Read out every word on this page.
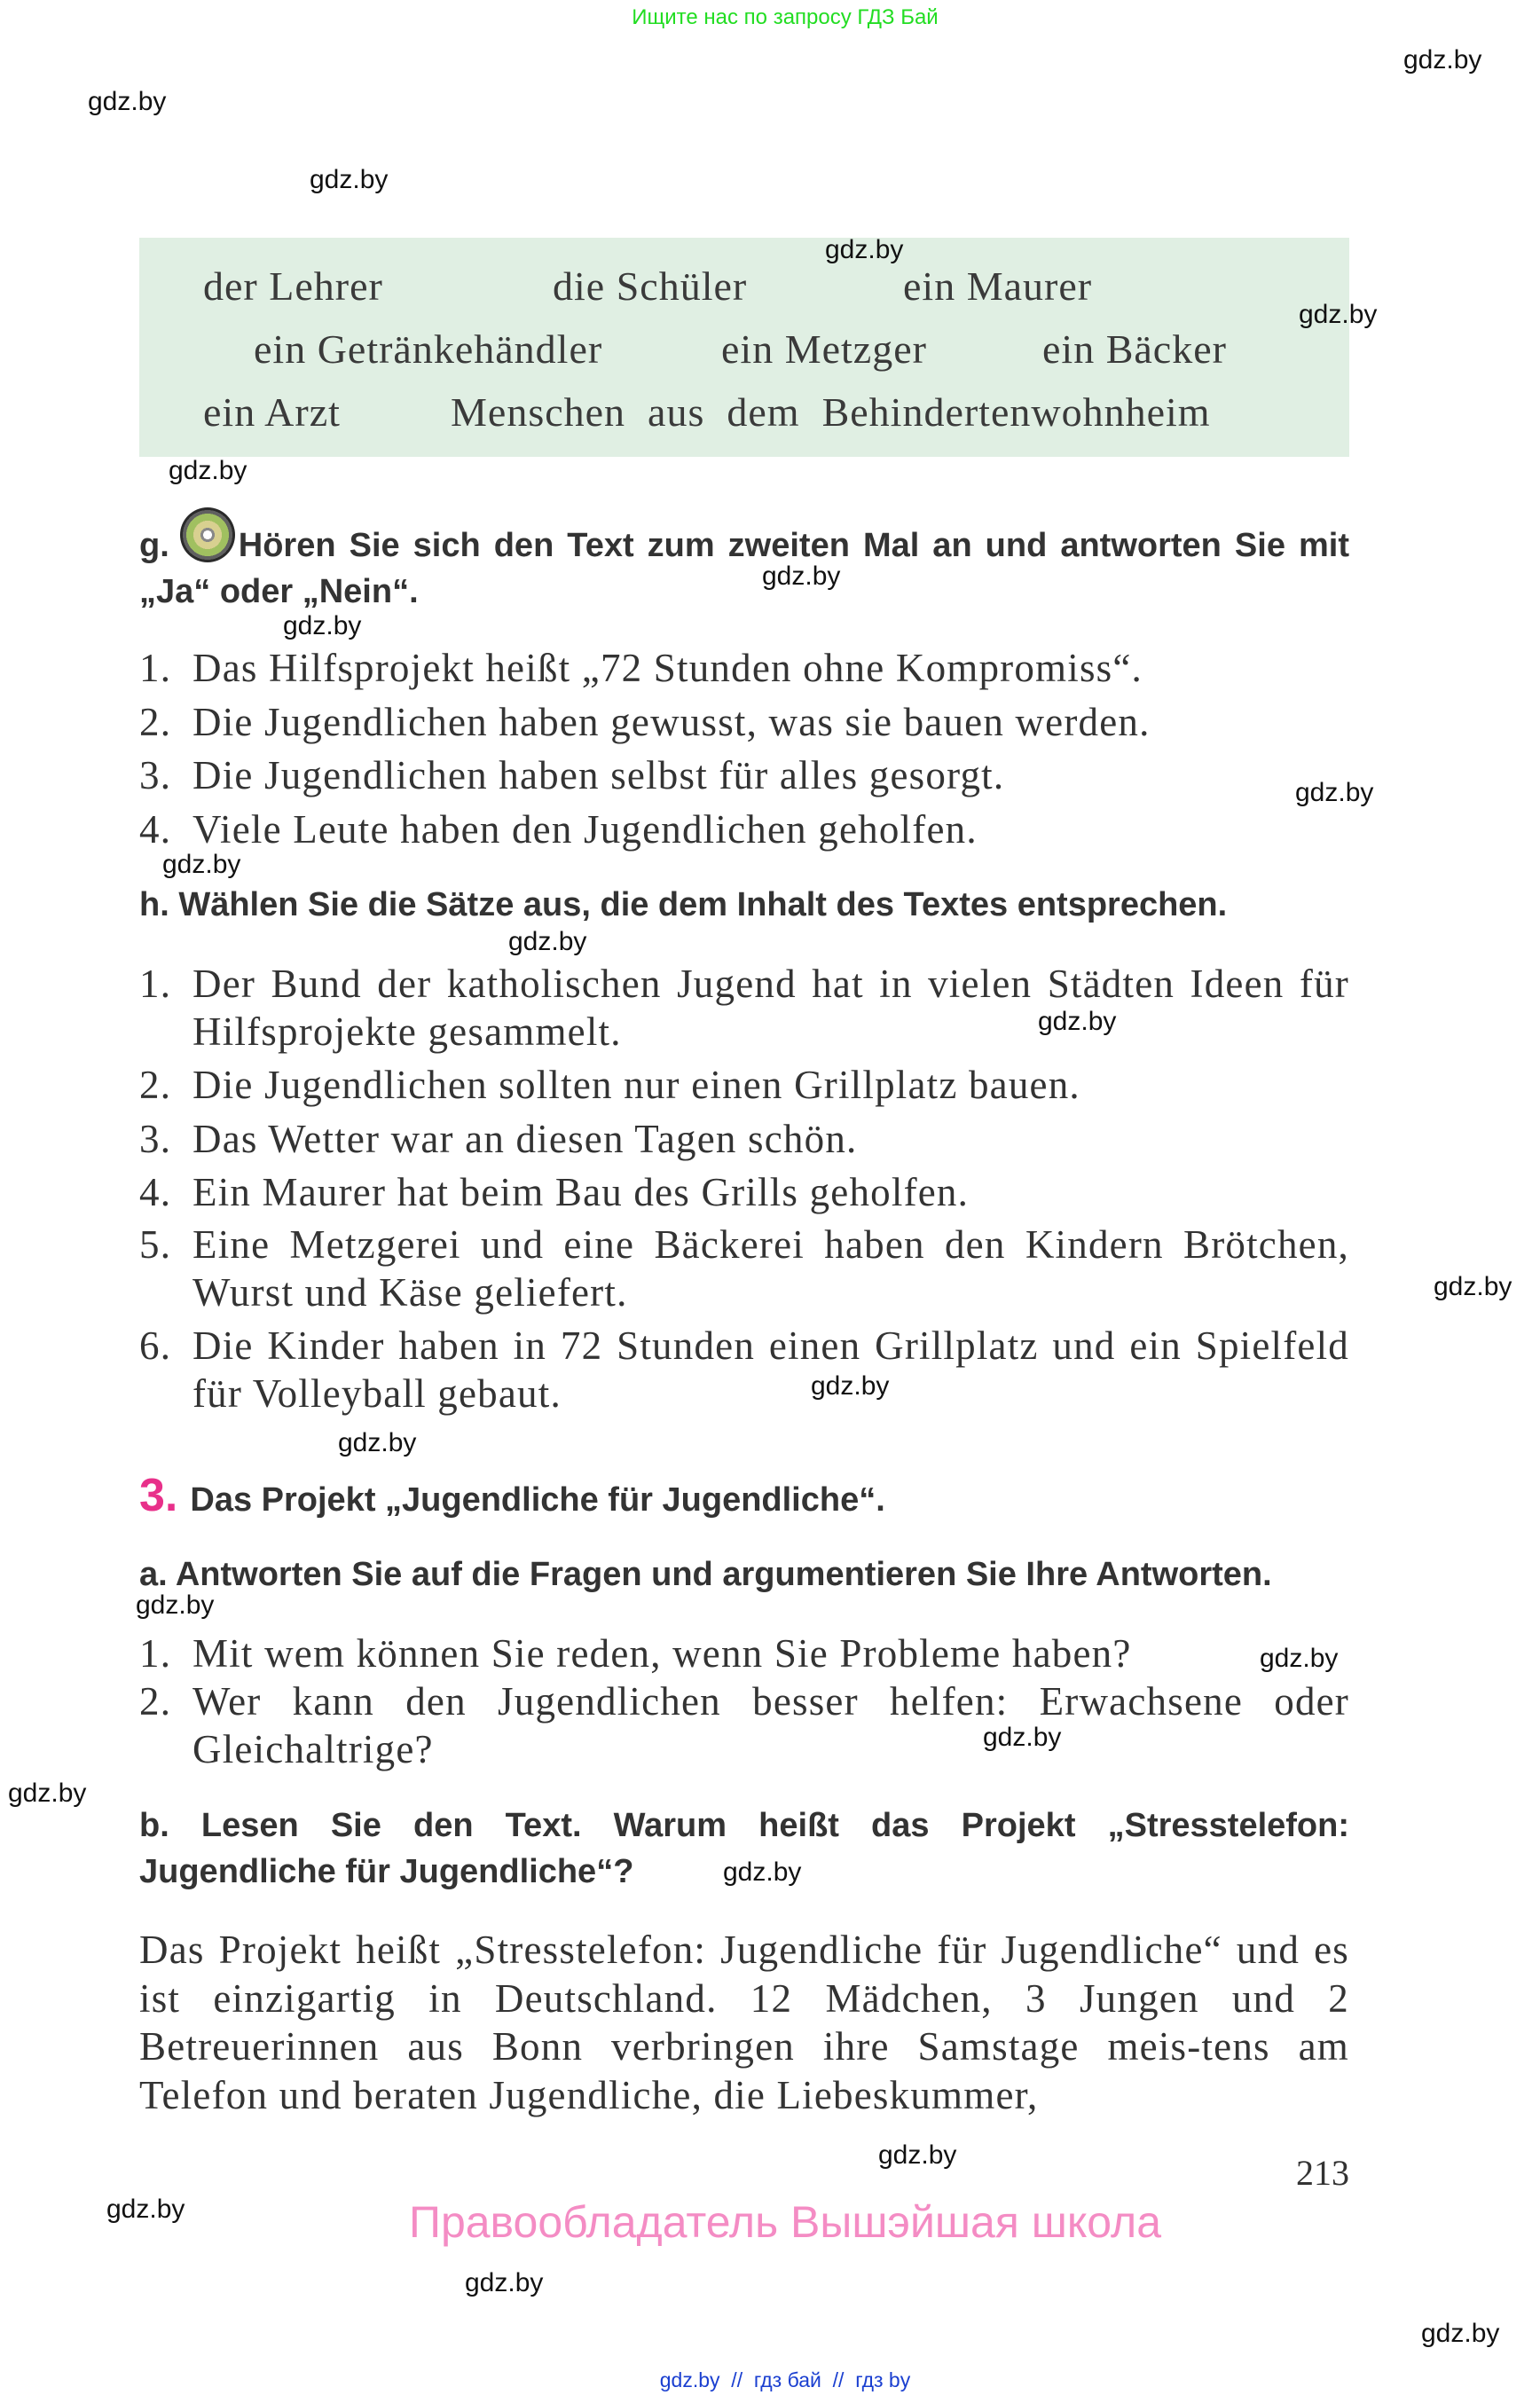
Ищите нас по запросу ГДЗ Бай
gdz.by
gdz.by
gdz.by
der Lehrer	die Schüler	ein Maurer
ein Getränkehändler	ein Metzger	ein Bäcker
ein Arzt	Menschen  aus  dem  Behindertenwohnheim
gdz.by
gdz.by
gdz.by
g. Hören Sie sich den Text zum zweiten Mal an und antworten Sie mit „Ja“ oder „Nein“.	gdz.by
gdz.by
1. Das Hilfsprojekt heißt „72 Stunden ohne Kompromiss“.
2. Die Jugendlichen haben gewusst, was sie bauen werden.
3. Die Jugendlichen haben selbst für alles gesorgt.
4. Viele Leute haben den Jugendlichen geholfen.
gdz.by
gdz.by
h. Wählen Sie die Sätze aus, die dem Inhalt des Textes entsprechen.
gdz.by
1. Der Bund der katholischen Jugend hat in vielen Städten Ideen für Hilfsprojekte gesammelt.
2. Die Jugendlichen sollten nur einen Grillplatz bauen.
3. Das Wetter war an diesen Tagen schön.
4. Ein Maurer hat beim Bau des Grills geholfen.
5. Eine Metzgerei und eine Bäckerei haben den Kindern Brötchen, Wurst und Käse geliefert.
6. Die Kinder haben in 72 Stunden einen Grillplatz und ein Spielfeld für Volleyball gebaut.
gdz.by
gdz.by
gdz.by
gdz.by
3. Das Projekt „Jugendliche für Jugendliche“.
a. Antworten Sie auf die Fragen und argumentieren Sie Ihre Antworten.
gdz.by
1. Mit wem können Sie reden, wenn Sie Probleme haben?
2. Wer kann den Jugendlichen besser helfen: Erwachsene oder Gleichaltrige?
gdz.by
gdz.by
gdz.by
b. Lesen Sie den Text. Warum heißt das Projekt „Stresstelefon: Jugendliche für Jugendliche“?	gdz.by
Das Projekt heißt „Stresstelefon: Jugendliche für Jugendliche“ und es ist einzigartig in Deutschland. 12 Mädchen, 3 Jungen und 2 Betreuerinnen aus Bonn verbringen ihre Samstage meis-tens am Telefon und beraten Jugendliche, die Liebeskummer,
gdz.by	213
gdz.by	Правообладатель Вышэйшая школа
gdz.by
gdz.by
gdz.by  //  гдз бай  //  гдз by
